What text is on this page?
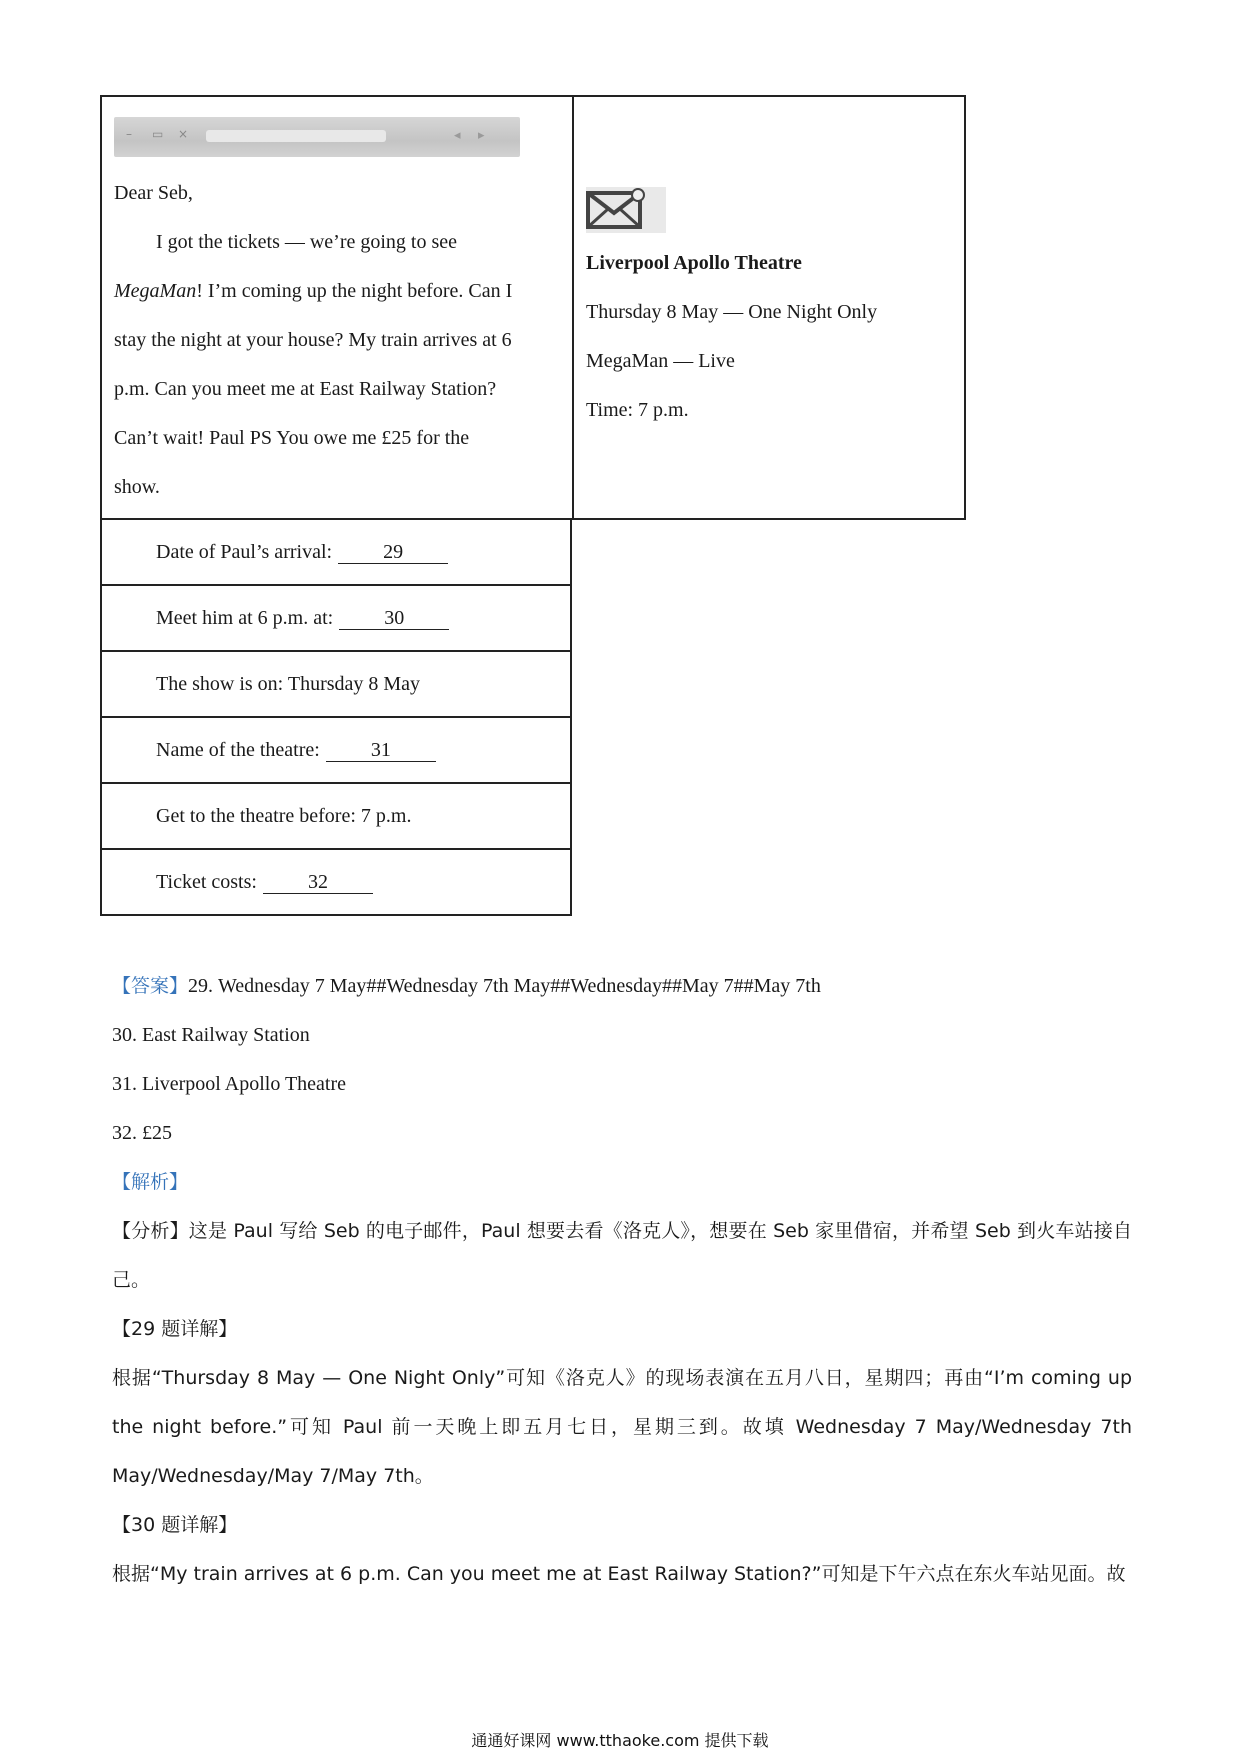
–	▭ ×	◂ ▸

Dear Seb,

I got the tickets — we’re going to see

MegaMan! I’m coming up the night before. Can I

stay the night at your house? My train arrives at 6

p.m. Can you meet me at East Railway Station?

Can’t wait! Paul PS You owe me £25 for the

show.

Liverpool Apollo Theatre
Thursday 8 May — One Night Only
MegaMan — Live
Time: 7 p.m.
Date of Paul’s arrival:	29
Meet him at 6 p.m. at:	30
The show is on: Thursday 8 May
Name of the theatre:	31
Get to the theatre before: 7 p.m.
Ticket costs:	32

【答案】29. Wednesday 7 May##Wednesday 7th May##Wednesday##May 7##May 7th

30. East Railway Station

31. Liverpool Apollo Theatre

32. £25

【解析】

【分析】这是 Paul 写给 Seb 的电子邮件，Paul 想要去看《洛克人》，想要在 Seb 家里借宿，并希望 Seb 到火车站接自己。

【29 题详解】

根据“Thursday 8 May — One Night Only”可知《洛克人》的现场表演在五月八日，星期四；再由“I’m coming up the night before.”可知 Paul 前一天晚上即五月七日，星期三到。故填 Wednesday 7 May/Wednesday 7th May/Wednesday/May 7/May 7th。

【30 题详解】

根据“My train arrives at 6 p.m. Can you meet me at East Railway Station?”可知是下午六点在东火车站见面。故

通通好课网 www.tthaoke.com 提供下载
